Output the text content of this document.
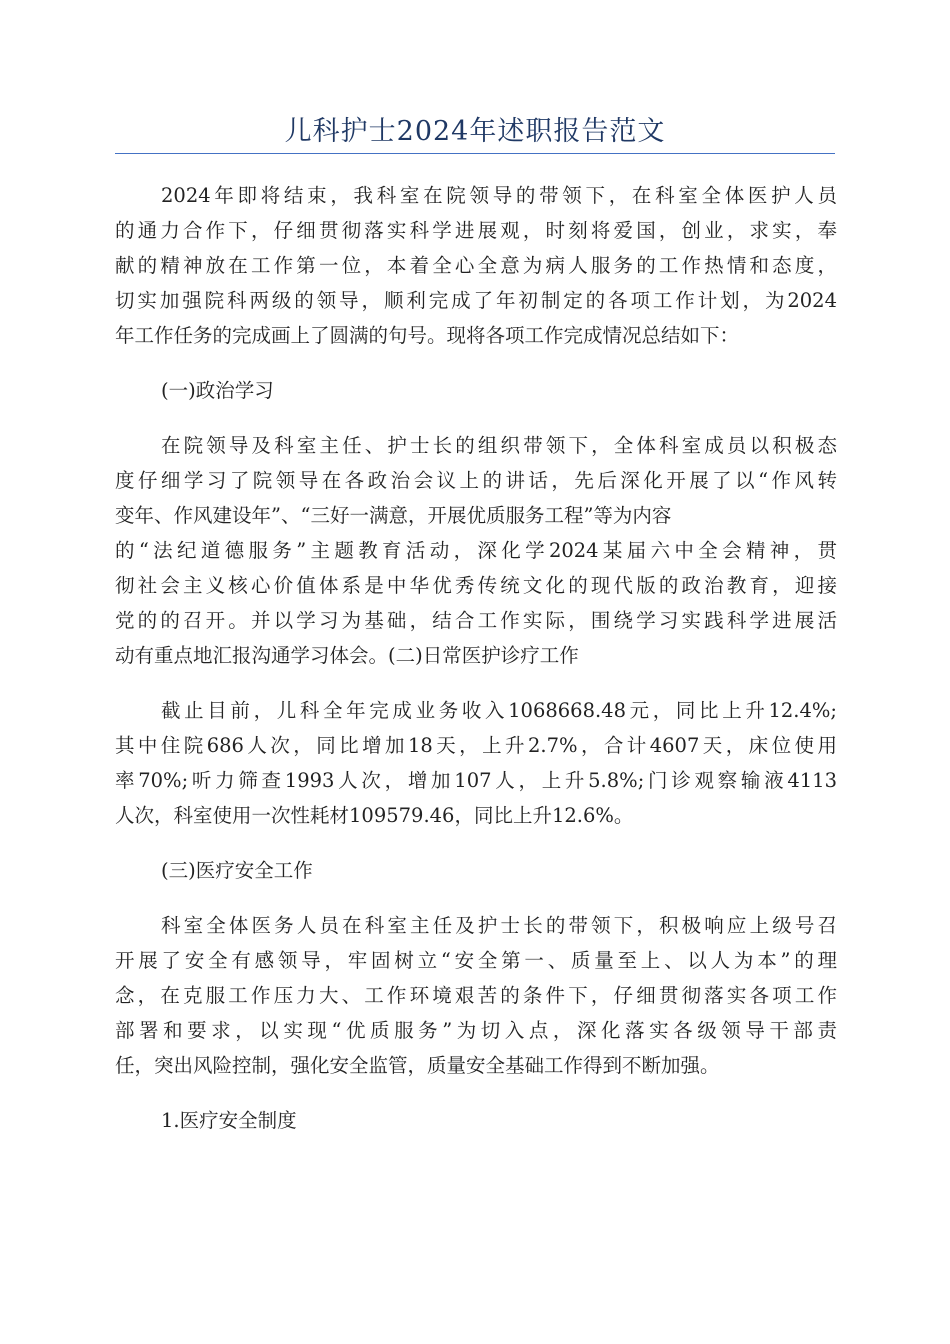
儿科护士2024年述职报告范文
2024年即将结束，我科室在院领导的带领下，在科室全体医护人员
的通力合作下，仔细贯彻落实科学进展观，时刻将爱国，创业，求实，奉
献的精神放在工作第一位，本着全心全意为病人服务的工作热情和态度，
切实加强院科两级的领导，顺利完成了年初制定的各项工作计划，为2024
年工作任务的完成画上了圆满的句号。现将各项工作完成情况总结如下：
(一)政治学习
在院领导及科室主任、护士长的组织带领下，全体科室成员以积极态
度仔细学习了院领导在各政治会议上的讲话，先后深化开展了以“作风转
变年、作风建设年”、“三好一满意，开展优质服务工程”等为内容
的“法纪道德服务”主题教育活动，深化学2024某届六中全会精神，贯
彻社会主义核心价值体系是中华优秀传统文化的现代版的政治教育，迎接
党的的召开。并以学习为基础，结合工作实际，围绕学习实践科学进展活
动有重点地汇报沟通学习体会。(二)日常医护诊疗工作
截止目前，儿科全年完成业务收入1068668.48元，同比上升12.4%;
其中住院686人次，同比增加18天，上升2.7%，合计4607天，床位使用
率70%;听力筛查1993人次，增加107人，上升5.8%;门诊观察输液4113
人次，科室使用一次性耗材109579.46，同比上升12.6%。
(三)医疗安全工作
科室全体医务人员在科室主任及护士长的带领下，积极响应上级号召
开展了安全有感领导，牢固树立“安全第一、质量至上、以人为本”的理
念，在克服工作压力大、工作环境艰苦的条件下，仔细贯彻落实各项工作
部署和要求，以实现“优质服务”为切入点，深化落实各级领导干部责
任，突出风险控制，强化安全监管，质量安全基础工作得到不断加强。
1.医疗安全制度
